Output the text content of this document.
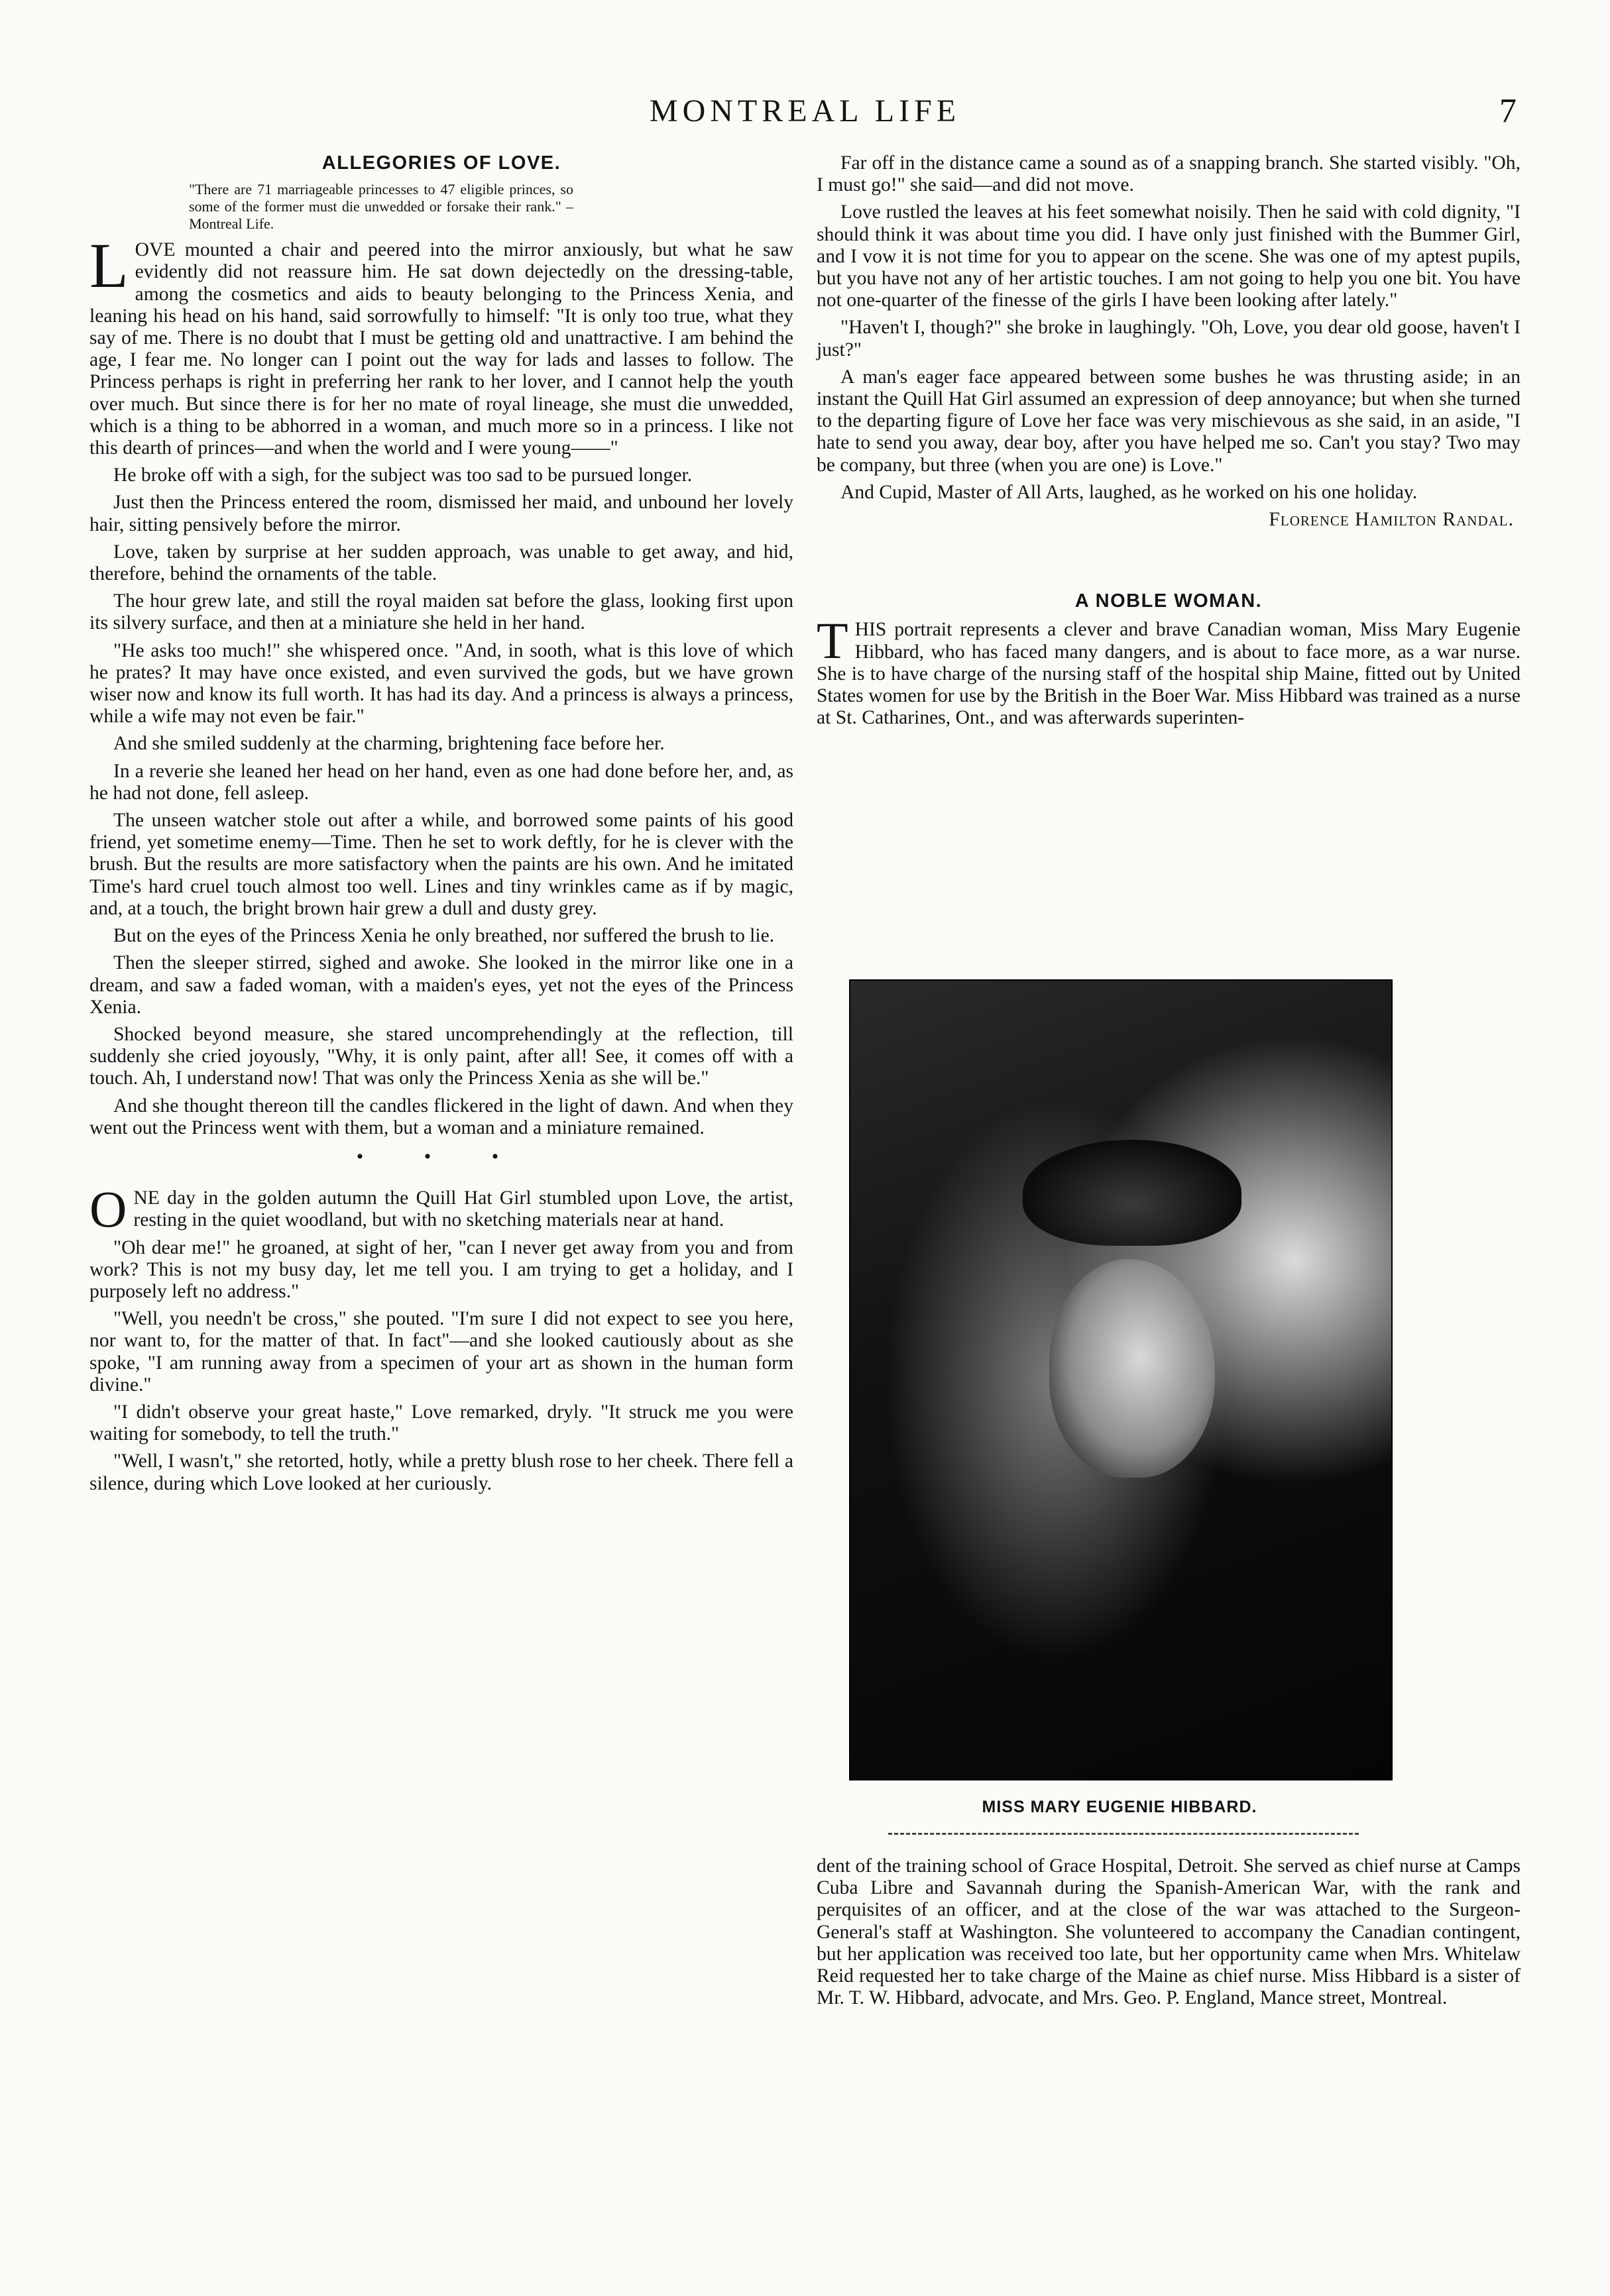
MONTREAL LIFE	7
ALLEGORIES OF LOVE.
"There are 71 marriageable princesses to 47 eligible princes, so some of the former must die unwedded or forsake their rank." –Montreal Life.

LOVE mounted a chair and peered into the mirror anxiously, but what he saw evidently did not reassure him. He sat down dejectedly on the dressing-table, among the cosmetics and aids to beauty belonging to the Princess Xenia, and leaning his head on his hand, said sorrowfully to himself: "It is only too true, what they say of me. There is no doubt that I must be getting old and unattractive. I am behind the age, I fear me. No longer can I point out the way for lads and lasses to follow. The Princess perhaps is right in preferring her rank to her lover, and I cannot help the youth over much. But since there is for her no mate of royal lineage, she must die unwedded, which is a thing to be abhorred in a woman, and much more so in a princess. I like not this dearth of princes—and when the world and I were young——"

He broke off with a sigh, for the subject was too sad to be pursued longer.

Just then the Princess entered the room, dismissed her maid, and unbound her lovely hair, sitting pensively before the mirror.

Love, taken by surprise at her sudden approach, was unable to get away, and hid, therefore, behind the ornaments of the table.

The hour grew late, and still the royal maiden sat before the glass, looking first upon its silvery surface, and then at a miniature she held in her hand.

"He asks too much!" she whispered once. "And, in sooth, what is this love of which he prates? It may have once existed, and even survived the gods, but we have grown wiser now and know its full worth. It has had its day. And a princess is always a princess, while a wife may not even be fair."

And she smiled suddenly at the charming, brightening face before her.

In a reverie she leaned her head on her hand, even as one had done before her, and, as he had not done, fell asleep.

The unseen watcher stole out after a while, and borrowed some paints of his good friend, yet sometime enemy—Time. Then he set to work deftly, for he is clever with the brush. But the results are more satisfactory when the paints are his own. And he imitated Time's hard cruel touch almost too well. Lines and tiny wrinkles came as if by magic, and, at a touch, the bright brown hair grew a dull and dusty grey.

But on the eyes of the Princess Xenia he only breathed, nor suffered the brush to lie.

Then the sleeper stirred, sighed and awoke. She looked in the mirror like one in a dream, and saw a faded woman, with a maiden's eyes, yet not the eyes of the Princess Xenia.

Shocked beyond measure, she stared uncomprehendingly at the reflection, till suddenly she cried joyously, "Why, it is only paint, after all! See, it comes off with a touch. Ah, I understand now! That was only the Princess Xenia as she will be."

And she thought thereon till the candles flickered in the light of dawn. And when they went out the Princess went with them, but a woman and a miniature remained.

• • •

ONE day in the golden autumn the Quill Hat Girl stumbled upon Love, the artist, resting in the quiet woodland, but with no sketching materials near at hand.

"Oh dear me!" he groaned, at sight of her, "can I never get away from you and from work? This is not my busy day, let me tell you. I am trying to get a holiday, and I purposely left no address."

"Well, you needn't be cross," she pouted. "I'm sure I did not expect to see you here, nor want to, for the matter of that. In fact"—and she looked cautiously about as she spoke, "I am running away from a specimen of your art as shown in the human form divine."

"I didn't observe your great haste," Love remarked, dryly. "It struck me you were waiting for somebody, to tell the truth."

"Well, I wasn't," she retorted, hotly, while a pretty blush rose to her cheek. There fell a silence, during which Love looked at her curiously.

Far off in the distance came a sound as of a snapping branch. She started visibly. "Oh, I must go!" she said—and did not move.

Love rustled the leaves at his feet somewhat noisily. Then he said with cold dignity, "I should think it was about time you did. I have only just finished with the Bummer Girl, and I vow it is not time for you to appear on the scene. She was one of my aptest pupils, but you have not any of her artistic touches. I am not going to help you one bit. You have not one-quarter of the finesse of the girls I have been looking after lately."

"Haven't I, though?" she broke in laughingly. "Oh, Love, you dear old goose, haven't I just?"

A man's eager face appeared between some bushes he was thrusting aside; in an instant the Quill Hat Girl assumed an expression of deep annoyance; but when she turned to the departing figure of Love her face was very mischievous as she said, in an aside, "I hate to send you away, dear boy, after you have helped me so. Can't you stay? Two may be company, but three (when you are one) is Love."

And Cupid, Master of All Arts, laughed, as he worked on his one holiday.

Florence Hamilton Randal.
A NOBLE WOMAN.

THIS portrait represents a clever and brave Canadian woman, Miss Mary Eugenie Hibbard, who has faced many dangers, and is about to face more, as a war nurse. She is to have charge of the nursing staff of the hospital ship Maine, fitted out by United States women for use by the British in the Boer War. Miss Hibbard was trained as a nurse at St. Catharines, Ont., and was afterwards superinten-

MISS MARY EUGENIE HIBBARD.

dent of the training school of Grace Hospital, Detroit. She served as chief nurse at Camps Cuba Libre and Savannah during the Spanish-American War, with the rank and perquisites of an officer, and at the close of the war was attached to the Surgeon-General's staff at Washington. She volunteered to accompany the Canadian contingent, but her application was received too late, but her opportunity came when Mrs. Whitelaw Reid requested her to take charge of the Maine as chief nurse. Miss Hibbard is a sister of Mr. T. W. Hibbard, advocate, and Mrs. Geo. P. England, Mance street, Montreal.
